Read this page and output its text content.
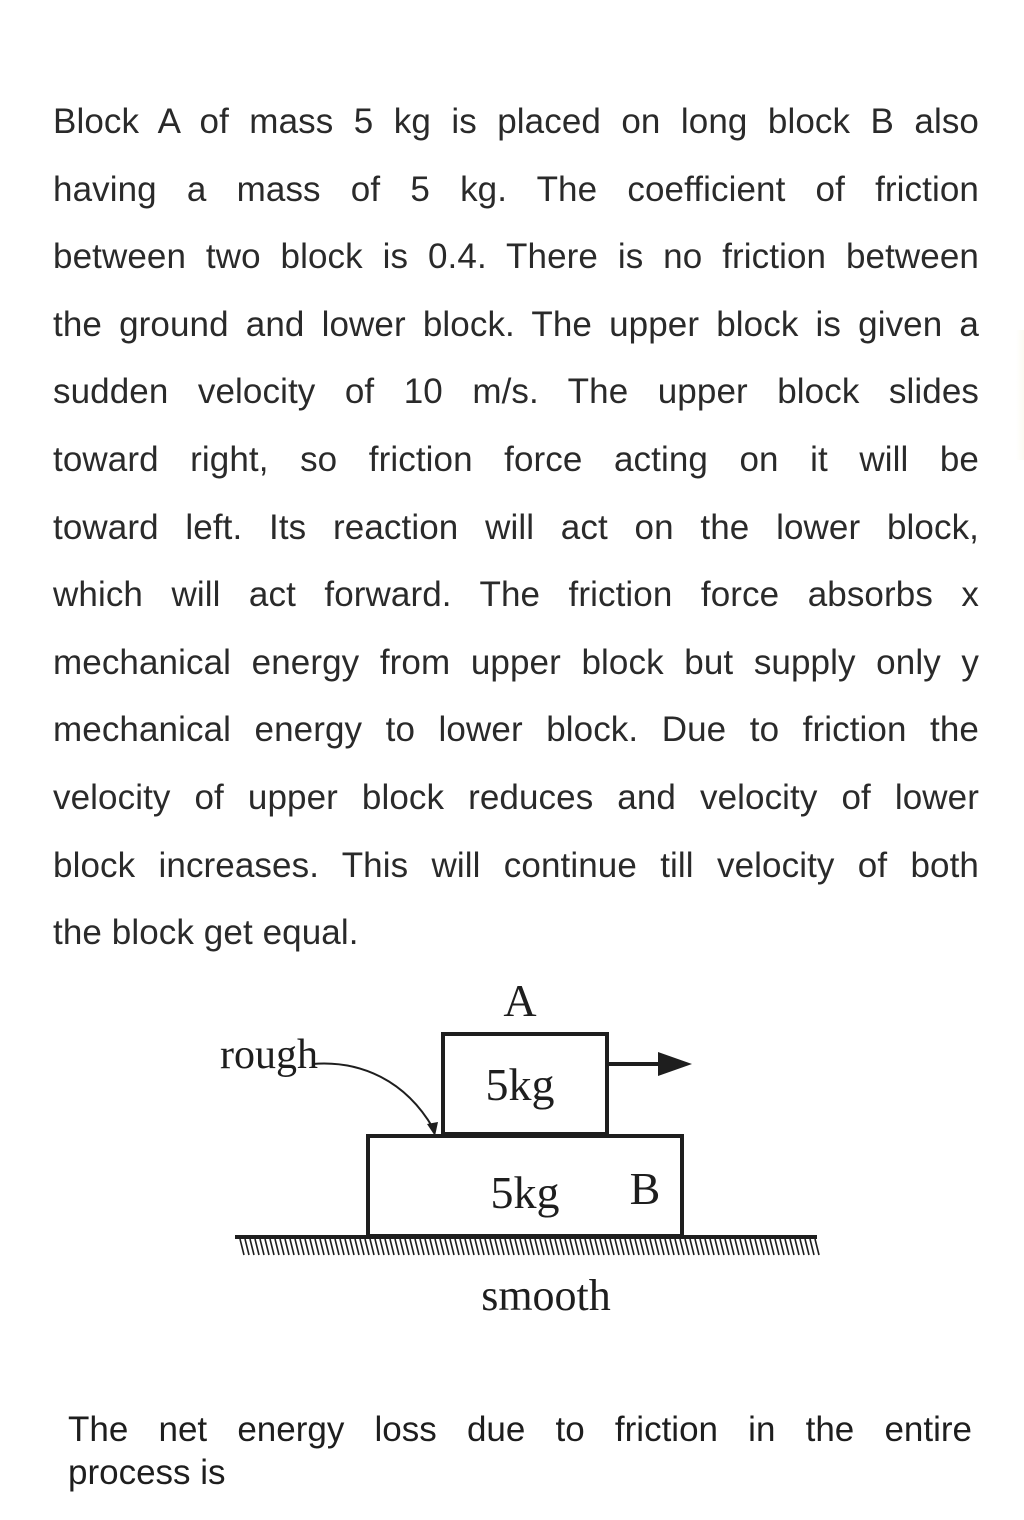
Block A of mass 5 kg is placed on long block B also
having a mass of 5 kg. The coefficient of friction
between two block is 0.4. There is no friction between
the ground and lower block. The upper block is given a
sudden velocity of 10 m/s. The upper block slides
toward right, so friction force acting on it will be
toward left. Its reaction will act on the lower block,
which will act forward. The friction force absorbs x
mechanical energy from upper block but supply only y
mechanical energy to lower block. Due to friction the
velocity of upper block reduces and velocity of lower
block increases. This will continue till velocity of both
the block get equal.
A
5kg
rough
5kg B
smooth
The net energy loss due to friction in the entire
process is
